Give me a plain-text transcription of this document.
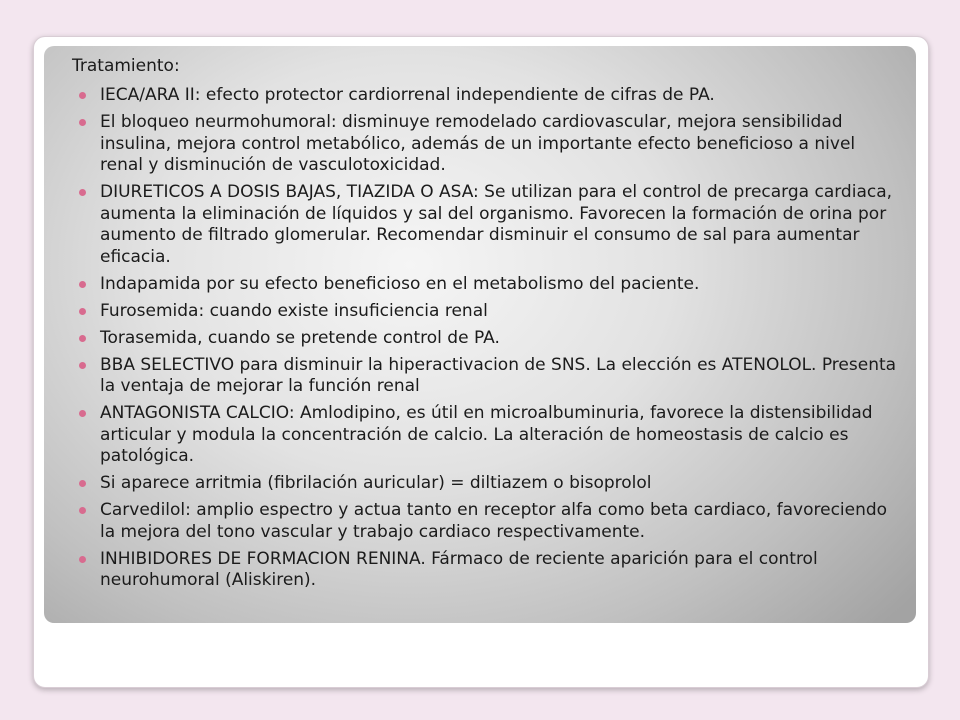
Tratamiento:
IECA/ARA II: efecto protector cardiorrenal independiente de cifras de PA.
El bloqueo neurmohumoral: disminuye remodelado cardiovascular, mejora sensibilidad insulina, mejora control metabólico, además de un importante efecto beneficioso a nivel renal y disminución de vasculotoxicidad.
DIURETICOS A DOSIS BAJAS, TIAZIDA O ASA: Se utilizan para el control de precarga cardiaca, aumenta la eliminación de líquidos y sal del organismo. Favorecen la formación de orina por aumento de filtrado glomerular. Recomendar disminuir el consumo de sal para aumentar eficacia.
Indapamida por su efecto beneficioso en el metabolismo del paciente.
Furosemida: cuando existe insuficiencia renal
Torasemida, cuando se pretende control de PA.
BBA SELECTIVO para disminuir la hiperactivacion de SNS. La elección es ATENOLOL. Presenta la ventaja de mejorar la función renal
ANTAGONISTA CALCIO: Amlodipino, es útil en microalbuminuria, favorece la distensibilidad articular y modula la concentración de calcio. La alteración de homeostasis de calcio es patológica.
Si aparece arritmia (fibrilación auricular) = diltiazem o bisoprolol
Carvedilol: amplio espectro y actua tanto en receptor alfa como beta cardiaco, favoreciendo la mejora del tono vascular y trabajo cardiaco respectivamente.
INHIBIDORES DE FORMACION RENINA. Fármaco de reciente aparición para el control neurohumoral (Aliskiren).
